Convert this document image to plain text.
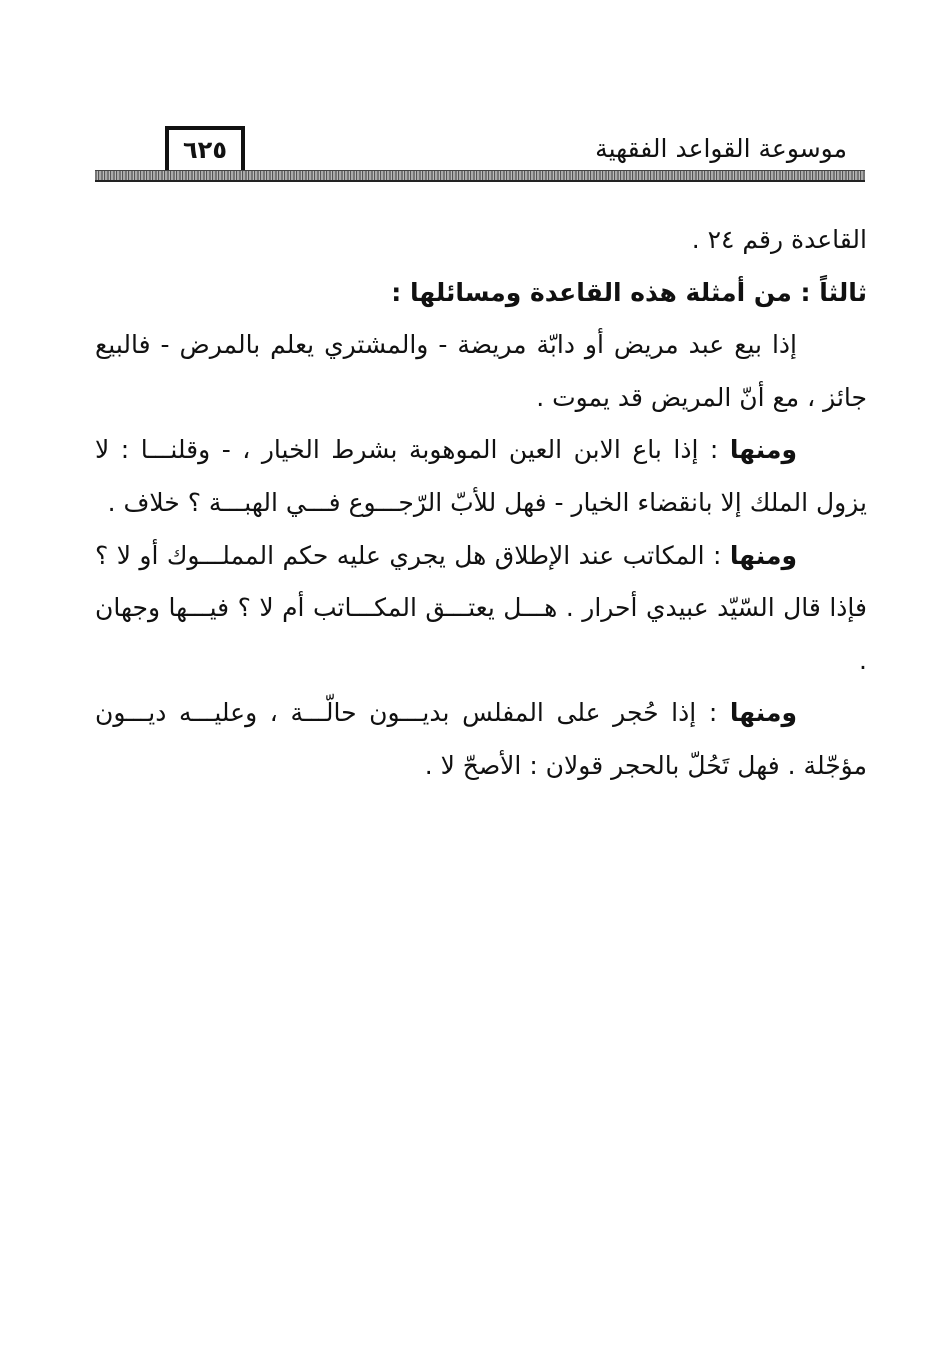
٦٢٥	موسوعة القواعد الفقهية

القاعدة رقم ٢٤ .

ثالثاً : من أمثلة هذه القاعدة ومسائلها :

إذا بيع عبد مريض أو دابّة مريضة - والمشتري يعلم بالمرض - فالبيع جائز ، مع أنّ المريض قد يموت .

ومنها : إذا باع الابن العين الموهوبة بشرط الخيار ، - وقلنـــا : لا يزول الملك إلا بانقضاء الخيار - فهل للأبّ الرّجـــوع فـــي الهبـــة ؟ خلاف .

ومنها : المكاتب عند الإطلاق هل يجري عليه حكم المملـــوك أو لا ؟ فإذا قال السّيّد عبيدي أحرار . هـــل يعتـــق المكـــاتب أم لا ؟ فيـــها وجهان .

ومنها : إذا حُجر على المفلس بديـــون حالّـــة ، وعليـــه ديـــون مؤجّلة . فهل تَحُلّ بالحجر قولان : الأصحّ لا .
